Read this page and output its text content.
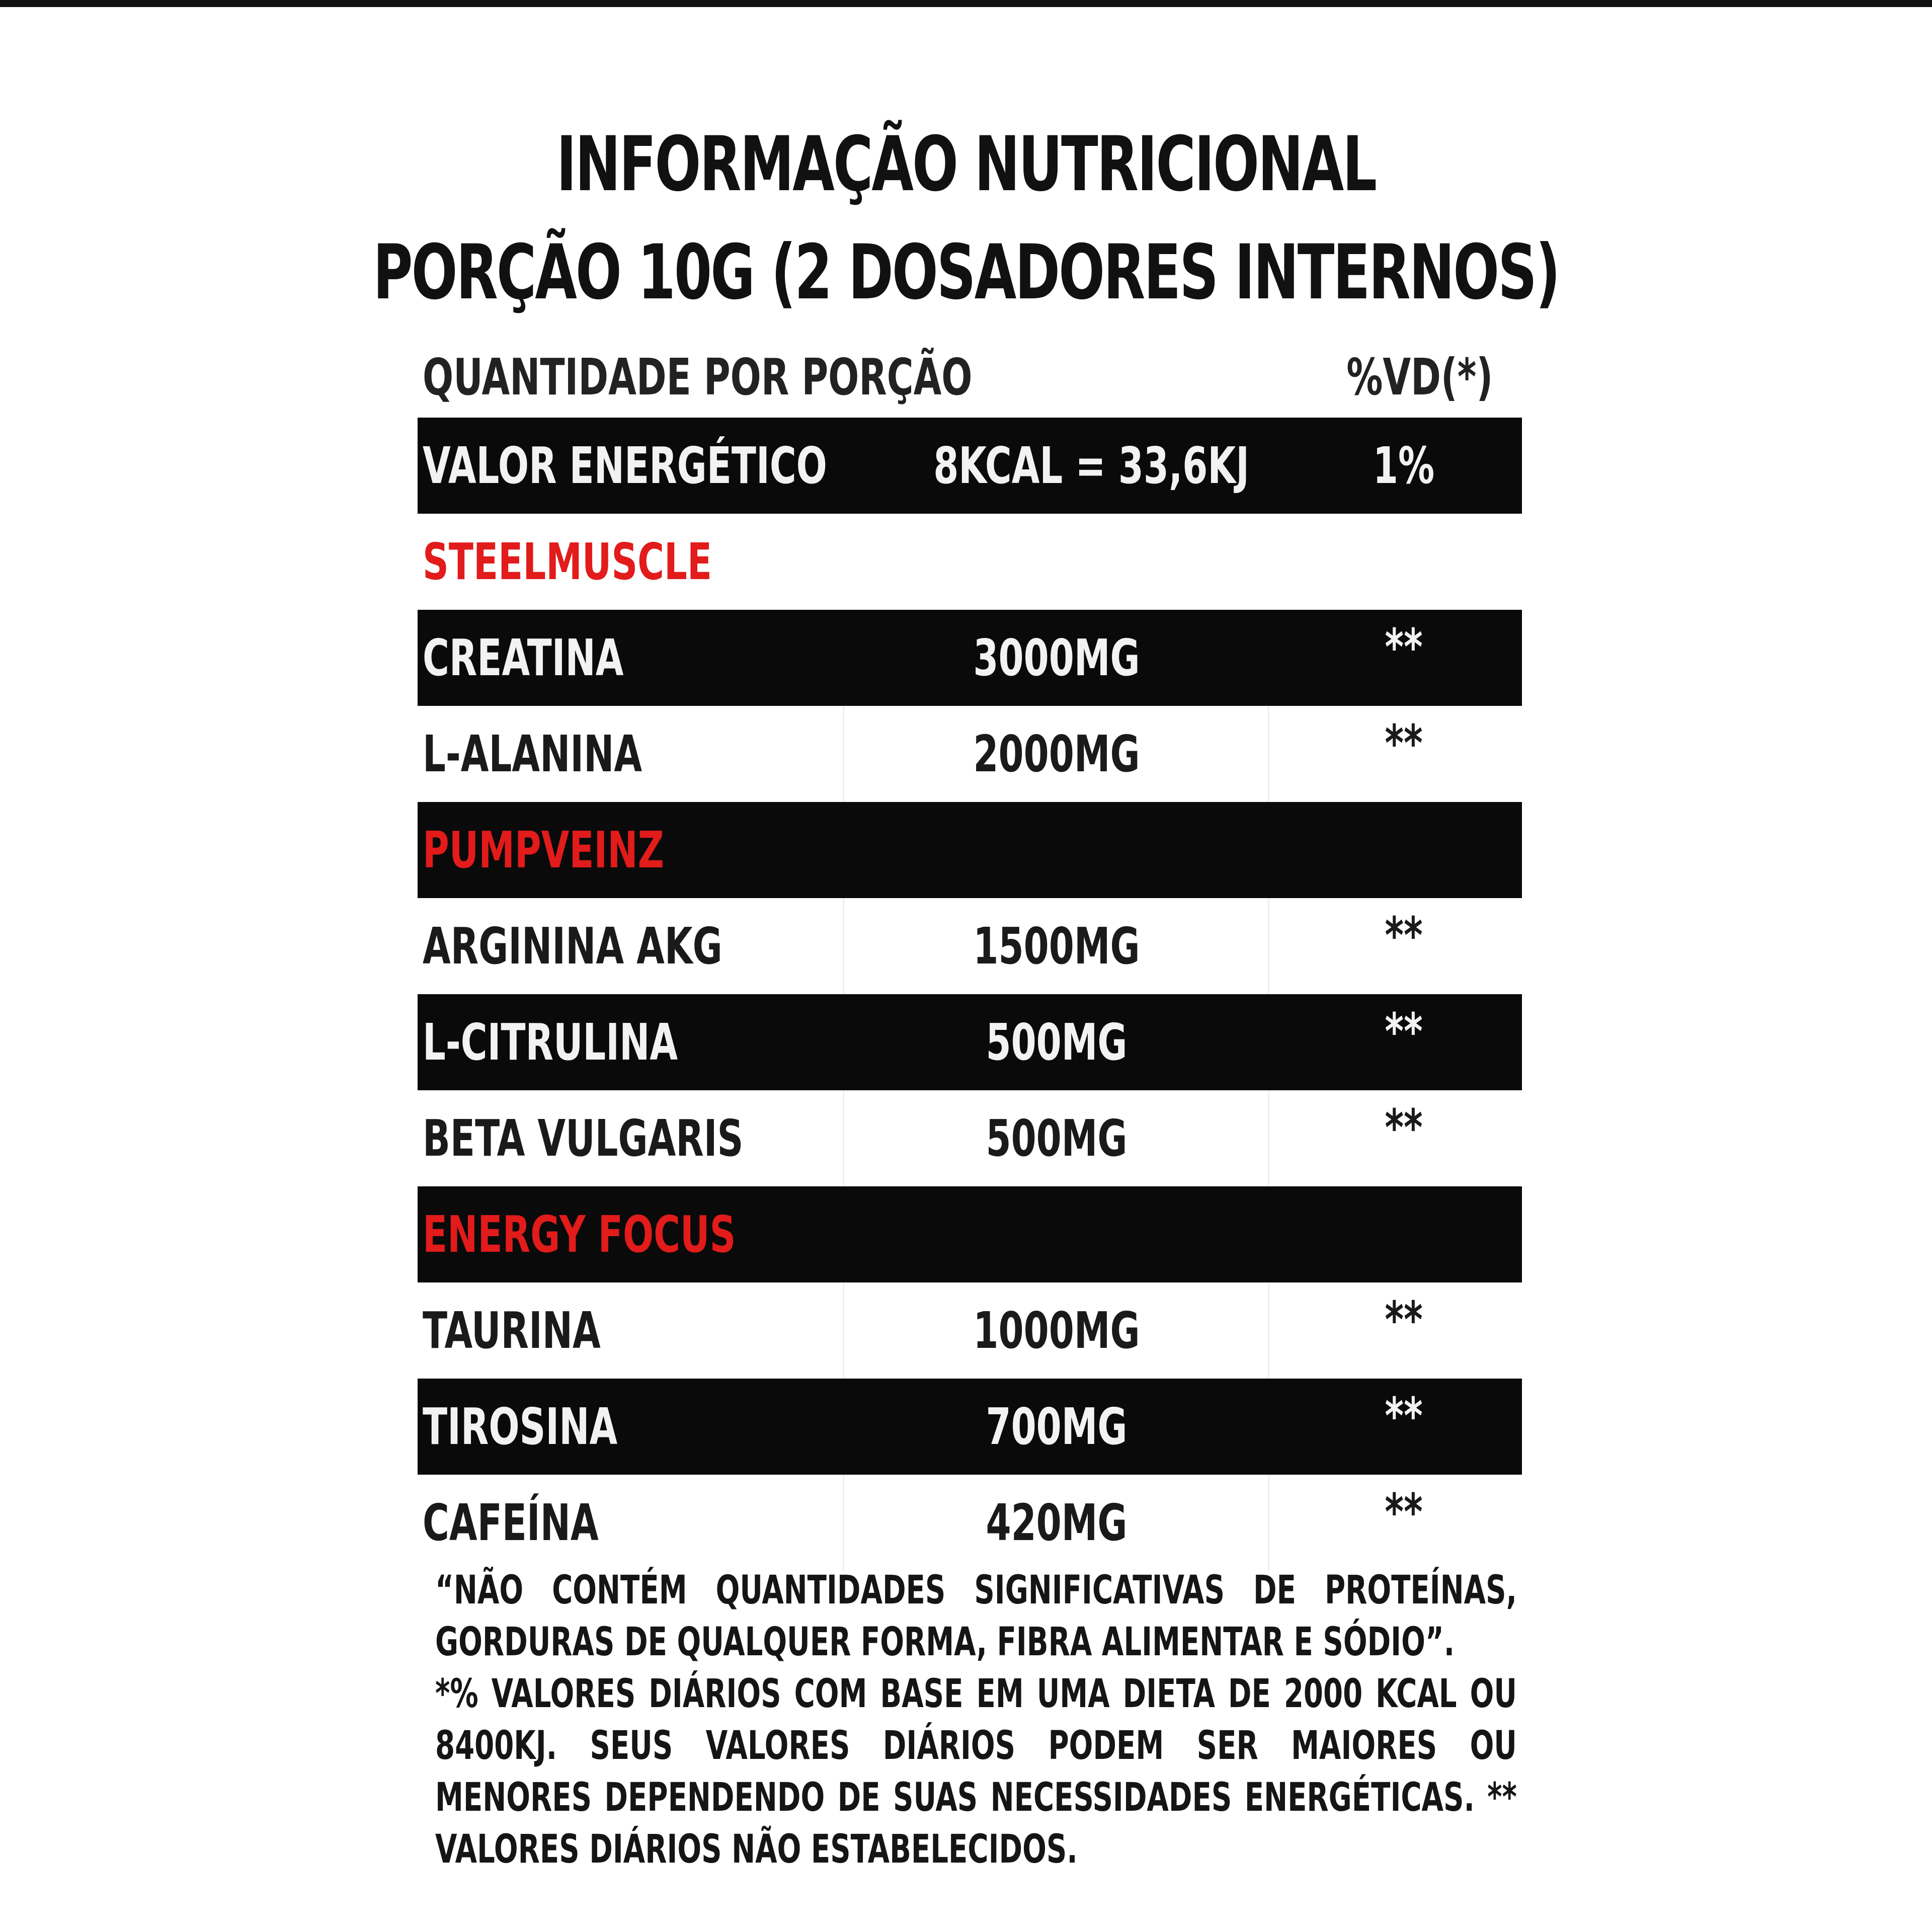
INFORMAÇÃO NUTRICIONAL
PORÇÃO 10G (2 DOSADORES INTERNOS)
QUANTIDADE POR PORÇÃO	%VD(*)
VALOR ENERGÉTICO 8KCAL = 33,6KJ	1%
STEELMUSCLE
CREATINA	3000MG	**
L-ALANINA	2000MG	**
PUMPVEINZ
ARGININA AKG	1500MG	**
L-CITRULINA	500MG	**
BETA VULGARIS	500MG	**
ENERGY FOCUS
TAURINA	1000MG	**
TIROSINA	700MG	**
CAFEÍNA	420MG	**
“NÃO CONTÉM QUANTIDADES SIGNIFICATIVAS DE PROTEÍNAS, GORDURAS DE QUALQUER FORMA, FIBRA ALIMENTAR E SÓDIO”.
*% VALORES DIÁRIOS COM BASE EM UMA DIETA DE 2000 KCAL OU 8400KJ. SEUS VALORES DIÁRIOS PODEM SER MAIORES OU MENORES DEPENDENDO DE SUAS NECESSIDADES ENERGÉTICAS. ** VALORES DIÁRIOS NÃO ESTABELECIDOS.
